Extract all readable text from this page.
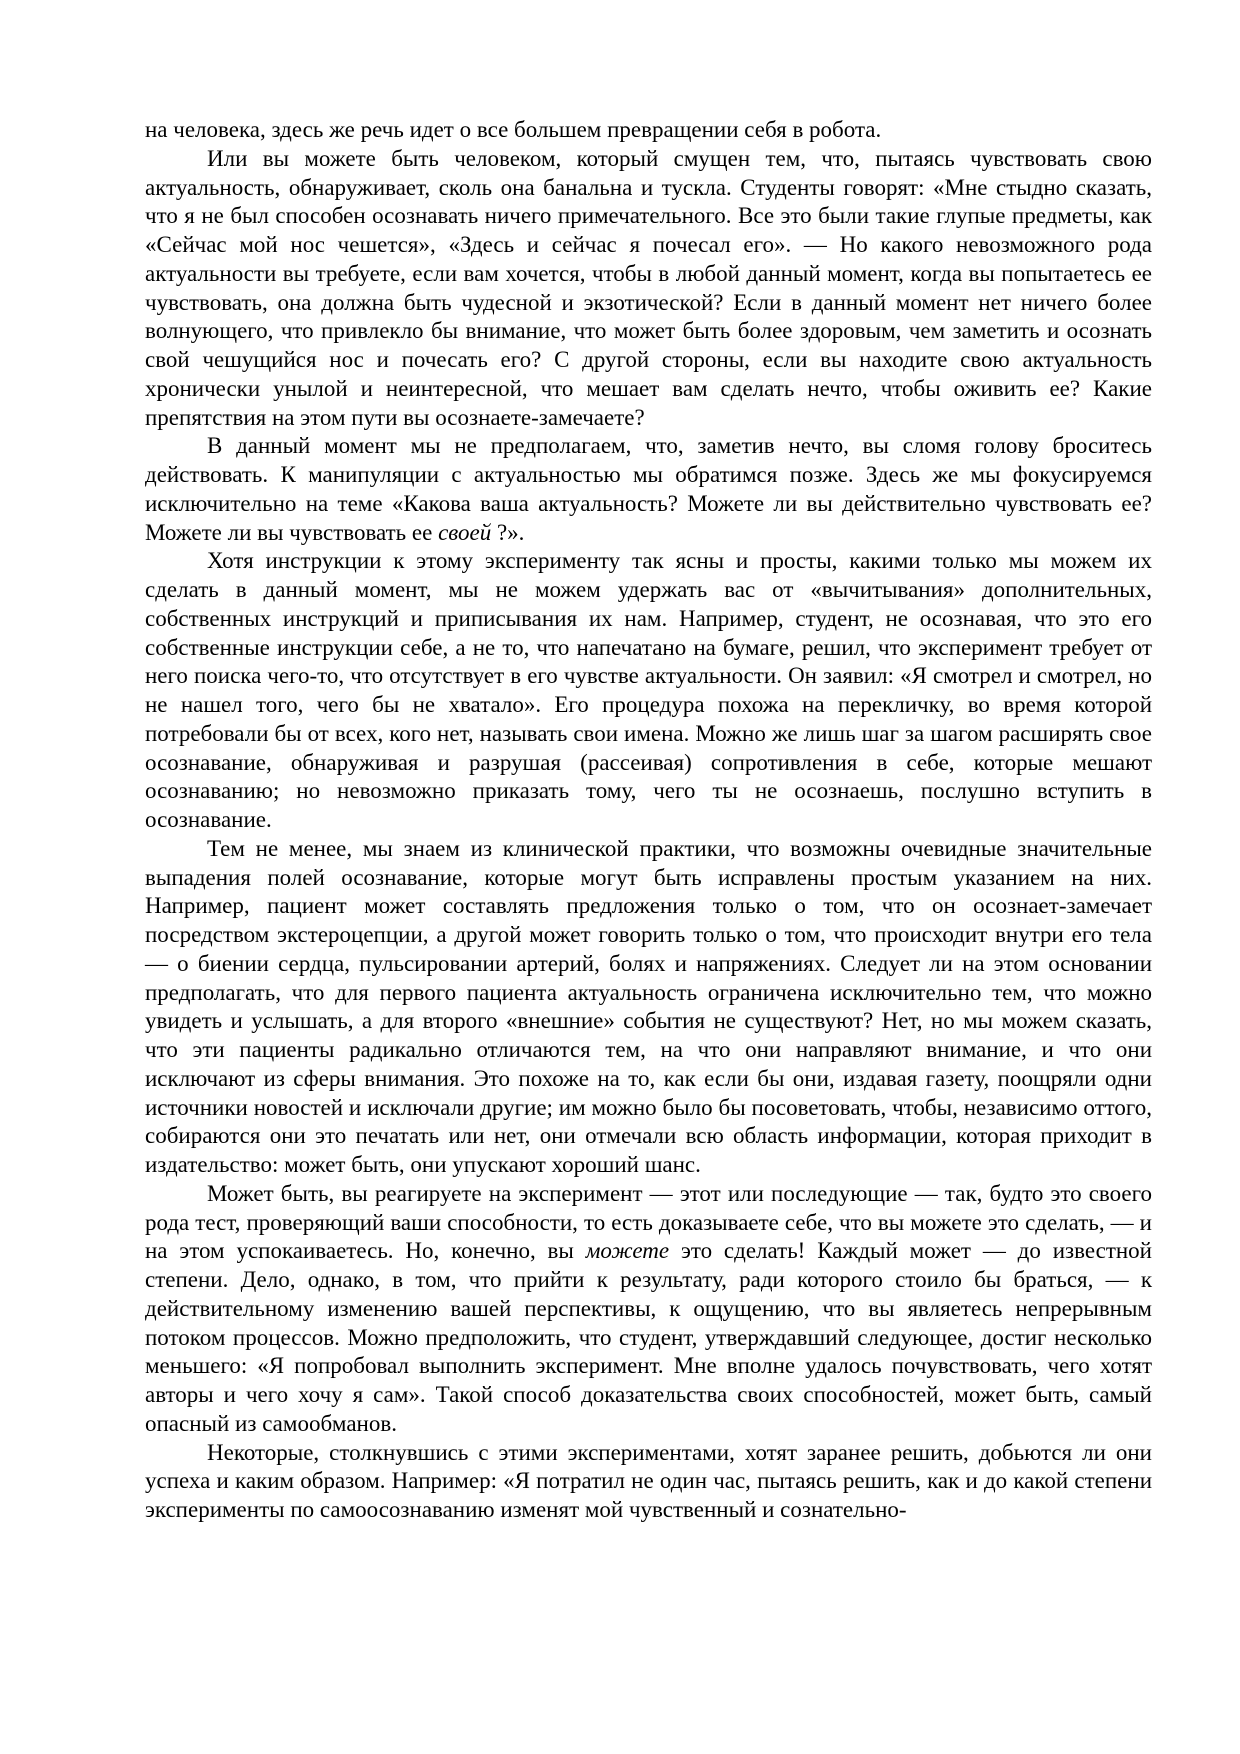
на человека, здесь же речь идет о все большем превращении себя в робота.

Или вы можете быть человеком, который смущен тем, что, пытаясь чувствовать свою актуальность, обнаруживает, сколь она банальна и тускла. Студенты говорят: «Мне стыдно сказать, что я не был способен осознавать ничего примечательного. Все это были такие глупые предметы, как «Сейчас мой нос чешется», «Здесь и сейчас я почесал его». — Но какого невозможного рода актуальности вы требуете, если вам хочется, чтобы в любой данный момент, когда вы попытаетесь ее чувствовать, она должна быть чудесной и экзотической? Если в данный момент нет ничего более волнующего, что привлекло бы внимание, что может быть более здоровым, чем заметить и осознать свой чешущийся нос и почесать его? С другой стороны, если вы находите свою актуальность хронически унылой и неинтересной, что мешает вам сделать нечто, чтобы оживить ее? Какие препятствия на этом пути вы осознаете-замечаете?

В данный момент мы не предполагаем, что, заметив нечто, вы сломя голову броситесь действовать. К манипуляции с актуальностью мы обратимся позже. Здесь же мы фокусируемся исключительно на теме «Какова ваша актуальность? Можете ли вы действительно чувствовать ее? Можете ли вы чувствовать ее своей ?».

Хотя инструкции к этому эксперименту так ясны и просты, какими только мы можем их сделать в данный момент, мы не можем удержать вас от «вычитывания» дополнительных, собственных инструкций и приписывания их нам. Например, студент, не осознавая, что это его собственные инструкции себе, а не то, что напечатано на бумаге, решил, что эксперимент требует от него поиска чего-то, что отсутствует в его чувстве актуальности. Он заявил: «Я смотрел и смотрел, но не нашел того, чего бы не хватало». Его процедура похожа на перекличку, во время которой потребовали бы от всех, кого нет, называть свои имена. Можно же лишь шаг за шагом расширять свое осознавание, обнаруживая и разрушая (рассеивая) сопротивления в себе, которые мешают осознаванию; но невозможно приказать тому, чего ты не осознаешь, послушно вступить в осознавание.

Тем не менее, мы знаем из клинической практики, что возможны очевидные значительные выпадения полей осознавание, которые могут быть исправлены простым указанием на них. Например, пациент может составлять предложения только о том, что он осознает-замечает посредством экстероцепции, а другой может говорить только о том, что происходит внутри его тела — о биении сердца, пульсировании артерий, болях и напряжениях. Следует ли на этом основании предполагать, что для первого пациента актуальность ограничена исключительно тем, что можно увидеть и услышать, а для второго «внешние» события не существуют? Нет, но мы можем сказать, что эти пациенты радикально отличаются тем, на что они направляют внимание, и что они исключают из сферы внимания. Это похоже на то, как если бы они, издавая газету, поощряли одни источники новостей и исключали другие; им можно было бы посоветовать, чтобы, независимо оттого, собираются они это печатать или нет, они отмечали всю область информации, которая приходит в издательство: может быть, они упускают хороший шанс.

Может быть, вы реагируете на эксперимент — этот или последующие — так, будто это своего рода тест, проверяющий ваши способности, то есть доказываете себе, что вы можете это сделать, — и на этом успокаиваетесь. Но, конечно, вы можете это сделать! Каждый может — до известной степени. Дело, однако, в том, что прийти к результату, ради которого стоило бы браться, — к действительному изменению вашей перспективы, к ощущению, что вы являетесь непрерывным потоком процессов. Можно предположить, что студент, утверждавший следующее, достиг несколько меньшего: «Я попробовал выполнить эксперимент. Мне вполне удалось почувствовать, чего хотят авторы и чего хочу я сам». Такой способ доказательства своих способностей, может быть, самый опасный из самообманов.

Некоторые, столкнувшись с этими экспериментами, хотят заранее решить, добьются ли они успеха и каким образом. Например: «Я потратил не один час, пытаясь решить, как и до какой степени эксперименты по самоосознаванию изменят мой чувственный и сознательно-
